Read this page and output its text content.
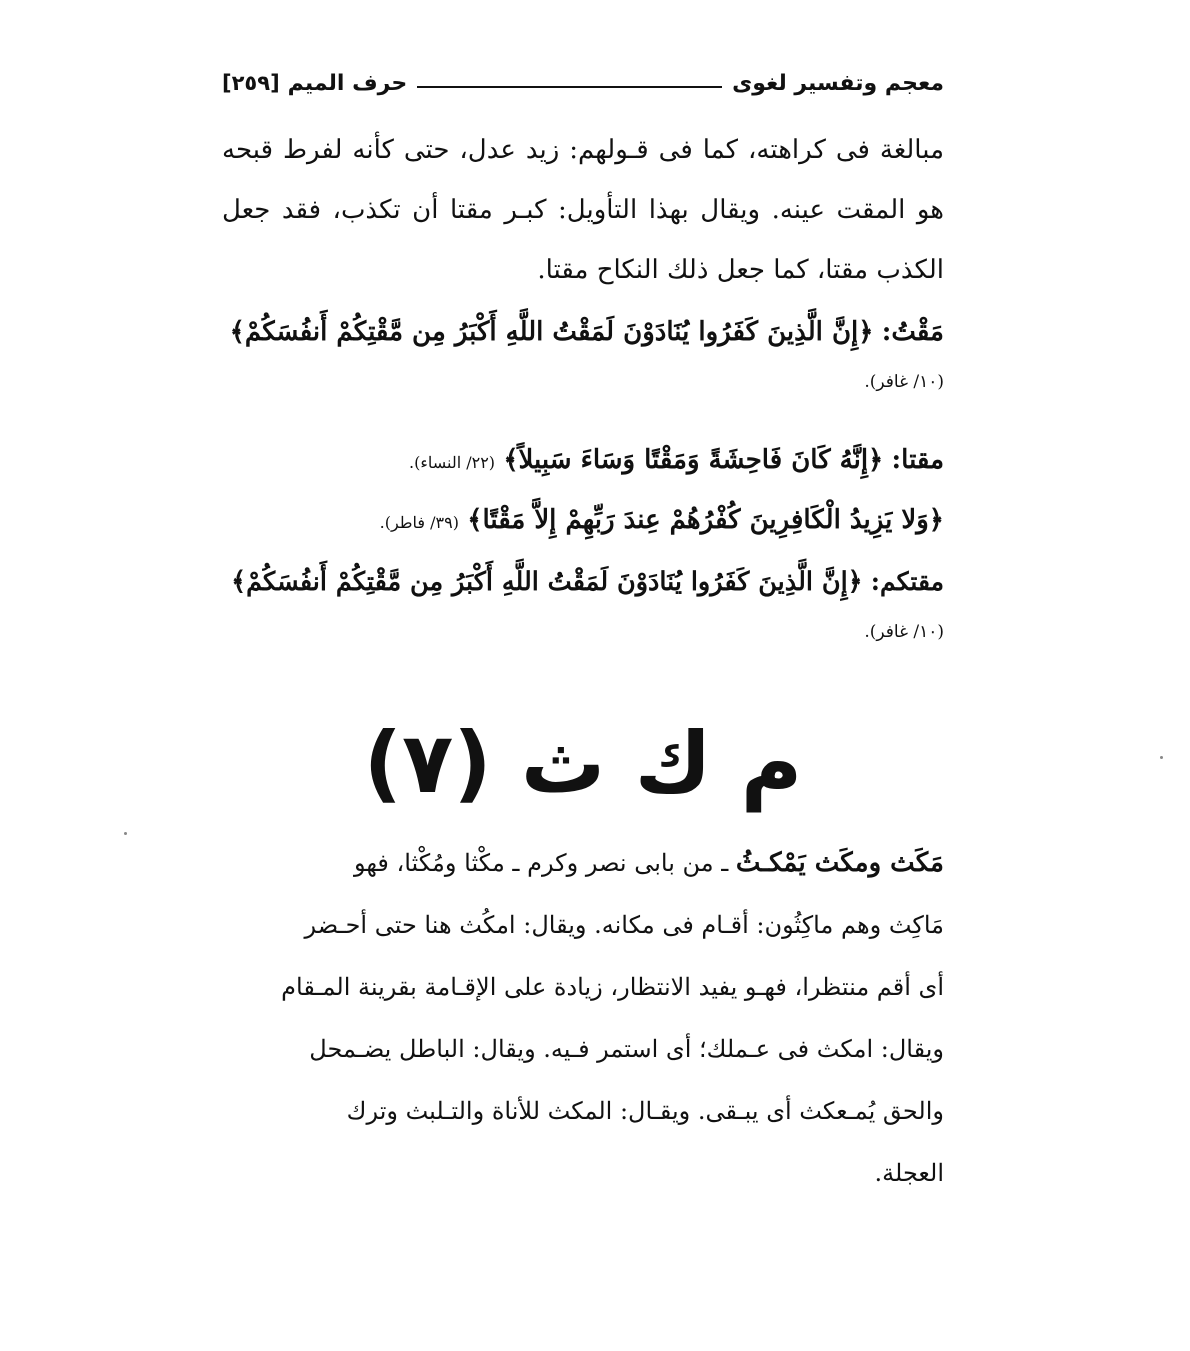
معجم وتفسير لغوى
حرف الميم
[٢٥٩]
مبالغة فى كراهته، كما فى قـولهم: زيد عدل، حتى كأنه لفرط قبحه
هو المقت عينه. ويقال بهذا التأويل: كبـر مقتا أن تكذب، فقد جعل
الكذب مقتا، كما جعل ذلك النكاح مقتا.
مَقْتُ: ﴿إِنَّ الَّذِينَ كَفَرُوا يُنَادَوْنَ لَمَقْتُ اللَّهِ أَكْبَرُ مِن مَّقْتِكُمْ أَنفُسَكُمْ﴾
(١٠/ غافر).
مقتا: ﴿إِنَّهُ كَانَ فَاحِشَةً وَمَقْتًا وَسَاءَ سَبِيلاً﴾ (٢٢/ النساء).
﴿وَلا يَزِيدُ الْكَافِرِينَ كُفْرُهُمْ عِندَ رَبِّهِمْ إِلاَّ مَقْتًا﴾ (٣٩/ فاطر).
مقتكم: ﴿إِنَّ الَّذِينَ كَفَرُوا يُنَادَوْنَ لَمَقْتُ اللَّهِ أَكْبَرُ مِن مَّقْتِكُمْ أَنفُسَكُمْ﴾
(١٠/ غافر).
م ك ث (٧)
مَكَث ومكَث يَمْكـثُ ـ من بابى نصر وكرم ـ مكْثا ومُكْثا، فهو
مَاكِث وهم ماكِثُون: أقـام فى مكانه. ويقال: امكُث هنا حتى أحـضر
أى أقم منتظرا، فهـو يفيد الانتظار، زيادة على الإقـامة بقرينة المـقام
ويقال: امكث فى عـملك؛ أى استمر فـيه. ويقال: الباطل يضـمحل
والحق يُمـعكث أى يبـقى. ويقـال: المكث للأناة والتـلبث وترك
العجلة.
